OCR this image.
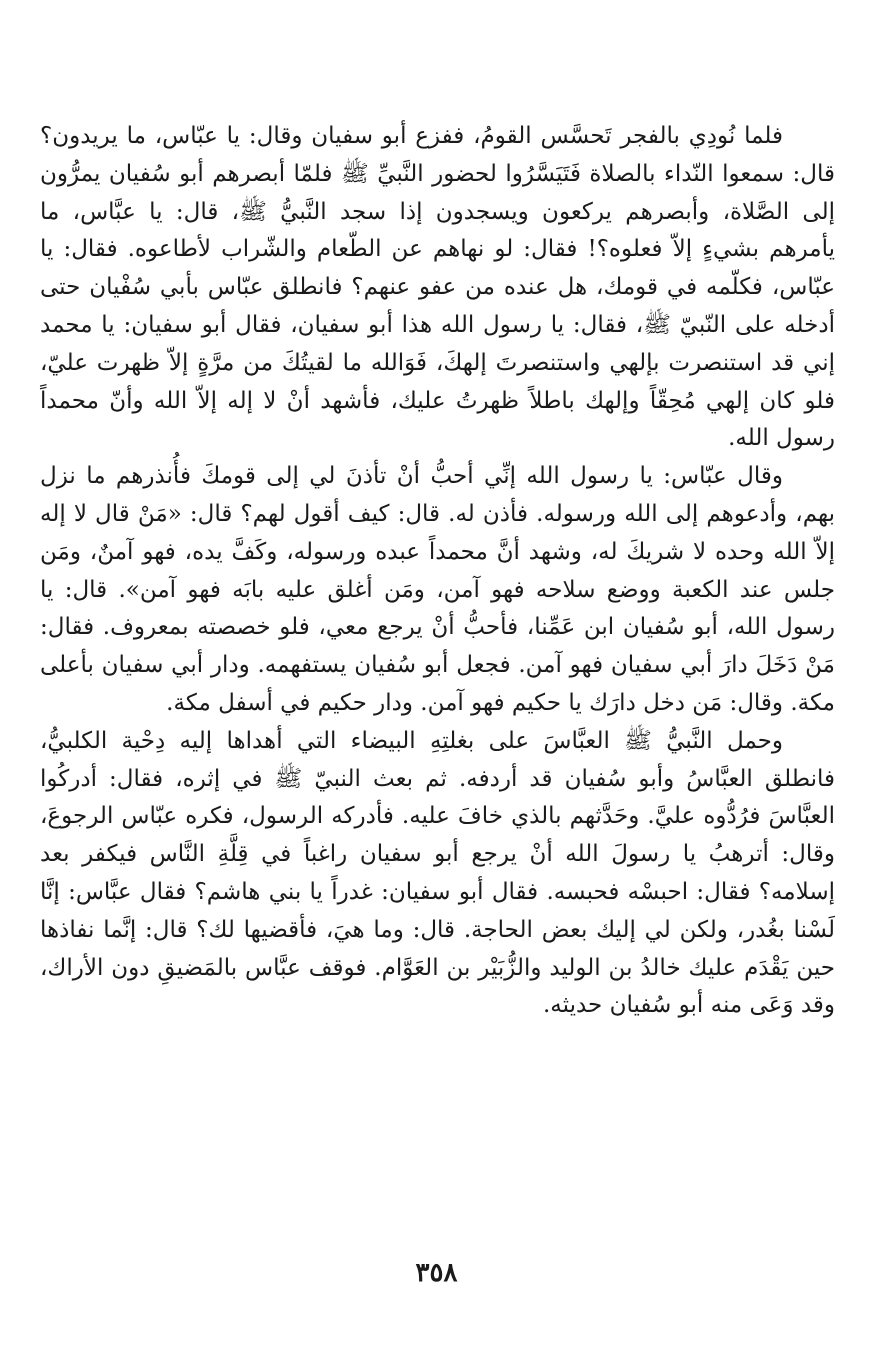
فلما نُودِي بالفجر تَحسَّس القومُ، ففزع أبو سفيان وقال: يا عبّاس، ما يريدون؟ قال: سمعوا النّداء بالصلاة فَتَيَسَّرُوا لحضور النَّبيِّ ﷺ فلمّا أبصرهم أبو سُفيان يمرُّون إلى الصَّلاة، وأبصرهم يركعون ويسجدون إذا سجد النَّبيُّ ﷺ، قال: يا عبَّاس، ما يأمرهم بشيءٍ إلاّ فعلوه؟! فقال: لو نهاهم عن الطّعام والشّراب لأطاعوه. فقال: يا عبّاس، فكلّمه في قومك، هل عنده من عفو عنهم؟ فانطلق عبّاس بأبي سُفْيان حتى أدخله على النّبيّ ﷺ، فقال: يا رسول الله هذا أبو سفيان، فقال أبو سفيان: يا محمد إني قد استنصرت بإلهي واستنصرتَ إلهكَ، فَوَالله ما لقيتُكَ من مرَّةٍ إلاّ ظهرت عليّ، فلو كان إلهي مُحِقّاً وإلهك باطلاً ظهرتُ عليك، فأشهد أنْ لا إله إلاّ الله وأنّ محمداً رسول الله.

وقال عبّاس: يا رسول الله إنِّي أحبُّ أنْ تأذنَ لي إلى قومكَ فأُنذرهم ما نزل بهم، وأدعوهم إلى الله ورسوله. فأذن له. قال: كيف أقول لهم؟ قال: «مَنْ قال لا إله إلاّ الله وحده لا شريكَ له، وشهد أنَّ محمداً عبده ورسوله، وكَفَّ يده، فهو آمنٌ، ومَن جلس عند الكعبة ووضع سلاحه فهو آمن، ومَن أغلق عليه بابَه فهو آمن». قال: يا رسول الله، أبو سُفيان ابن عَمِّنا، فأحبُّ أنْ يرجع معي، فلو خصصته بمعروف. فقال: مَنْ دَخَلَ دارَ أبي سفيان فهو آمن. فجعل أبو سُفيان يستفهمه. ودار أبي سفيان بأعلى مكة. وقال: مَن دخل دارَك يا حكيم فهو آمن. ودار حكيم في أسفل مكة.

وحمل النَّبيُّ ﷺ العبَّاسَ على بغلتِهِ البيضاء التي أهداها إليه دِحْية الكلبيُّ، فانطلق العبَّاسُ وأبو سُفيان قد أردفه. ثم بعث النبيّ ﷺ في إثره، فقال: أدركُوا العبَّاسَ فرُدُّوه عليَّ. وحَدَّثهم بالذي خافَ عليه. فأدركه الرسول، فكره عبّاس الرجوعَ، وقال: أترهبُ يا رسولَ الله أنْ يرجع أبو سفيان راغباً في قِلَّةِ النَّاس فيكفر بعد إسلامه؟ فقال: احبسْه فحبسه. فقال أبو سفيان: غدراً يا بني هاشم؟ فقال عبَّاس: إنَّا لَسْنا بغُدر، ولكن لي إليك بعض الحاجة. قال: وما هيَ، فأقضيها لك؟ قال: إنَّما نفاذها حين يَقْدَم عليك خالدُ بن الوليد والزُّبَيْر بن العَوَّام. فوقف عبَّاس بالمَضيقِ دون الأراك، وقد وَعَى منه أبو سُفيان حديثه.

٣٥٨
